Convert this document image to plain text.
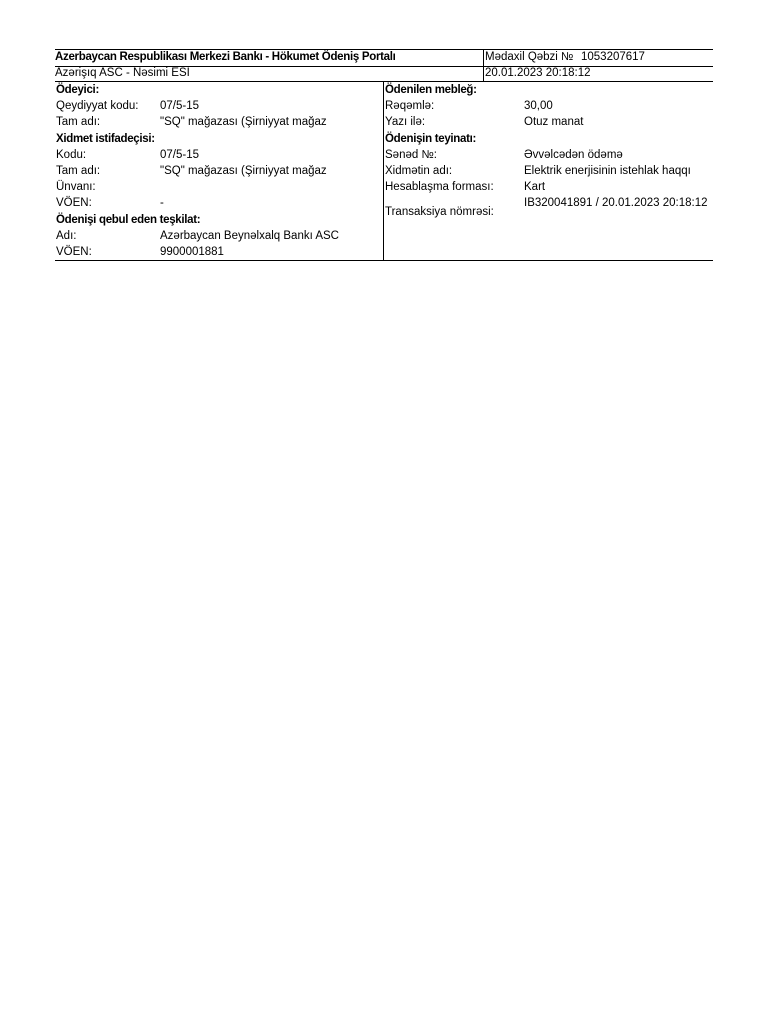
Azerbaycan Respublikası Merkezi Bankı - Hökumet Ödeniş Portalı	Mədaxil Qəbzi № 1053207617
Azərişıq ASC - Nəsimi ESI	20.01.2023 20:18:12
Ödeyici:
Qeydiyyat kodu:	07/5-15
Tam adı:	"SQ" mağazası (Şirniyyat mağaz
Xidmet istifadeçisi:
Kodu:	07/5-15
Tam adı:	"SQ" mağazası (Şirniyyat mağaz
Ünvanı:
VÖEN:	-
Ödenişi qebul eden teşkilat:
Adı:	Azərbaycan Beynəlxalq Bankı ASC
VÖEN:	9900001881
Ödenilen mebleğ:
Rəqəmlə:	30,00
Yazı ilə:	Otuz manat
Ödenişin teyinatı:
Sənəd №:	Əvvəlcədən ödəmə
Xidmətin adı:	Elektrik enerjisinin istehlak haqqı
Hesablaşma forması:	Kart
Transaksiya nömrəsi:
IB320041891 / 20.01.2023 20:18:12
